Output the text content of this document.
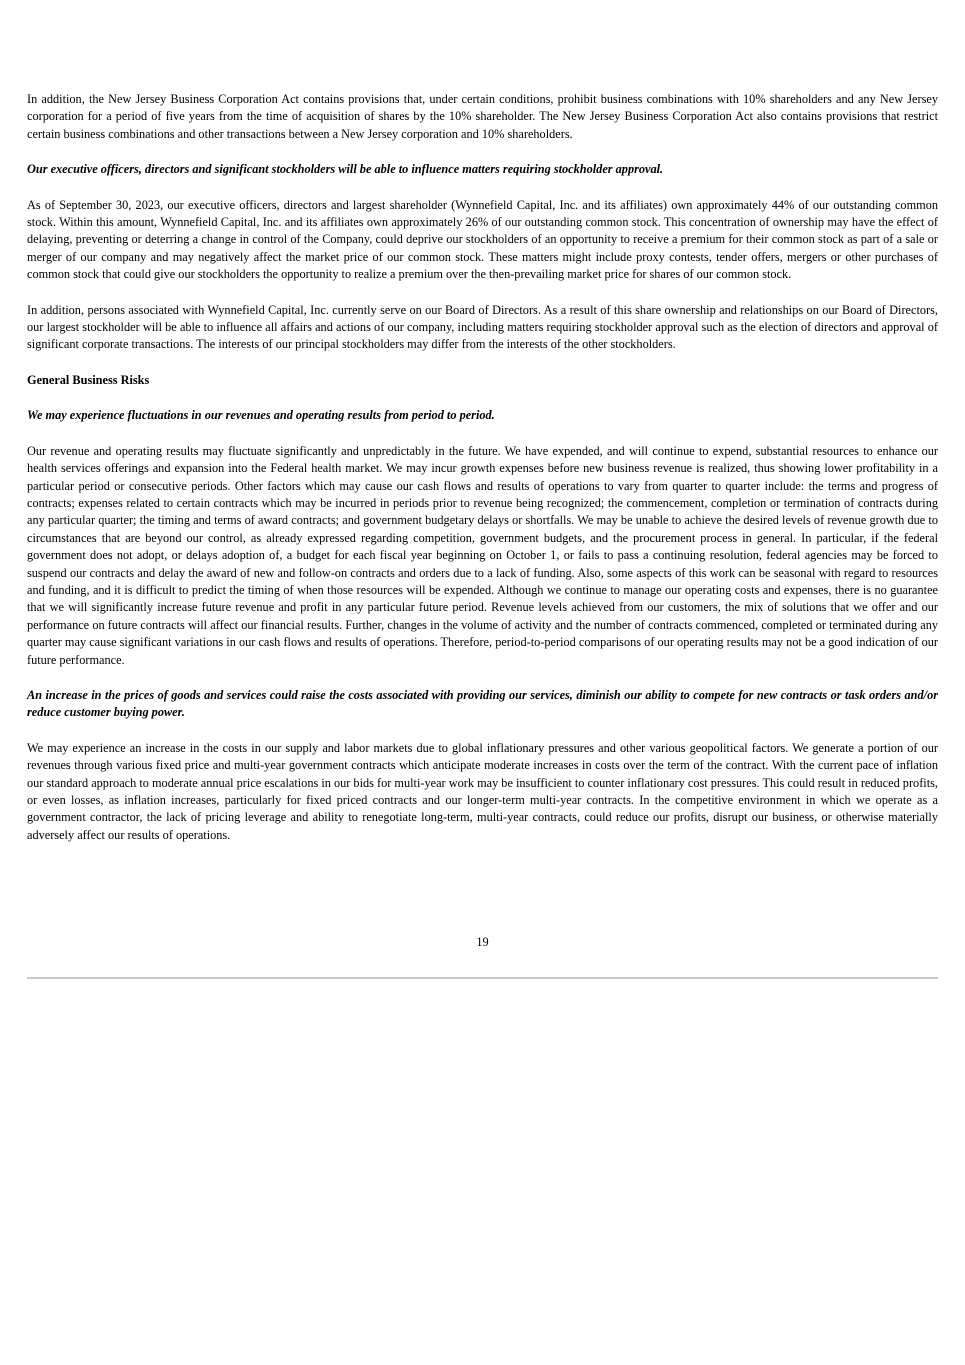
In addition, the New Jersey Business Corporation Act contains provisions that, under certain conditions, prohibit business combinations with 10% shareholders and any New Jersey corporation for a period of five years from the time of acquisition of shares by the 10% shareholder. The New Jersey Business Corporation Act also contains provisions that restrict certain business combinations and other transactions between a New Jersey corporation and 10% shareholders.

Our executive officers, directors and significant stockholders will be able to influence matters requiring stockholder approval.

As of September 30, 2023, our executive officers, directors and largest shareholder (Wynnefield Capital, Inc. and its affiliates) own approximately 44% of our outstanding common stock. Within this amount, Wynnefield Capital, Inc. and its affiliates own approximately 26% of our outstanding common stock. This concentration of ownership may have the effect of delaying, preventing or deterring a change in control of the Company, could deprive our stockholders of an opportunity to receive a premium for their common stock as part of a sale or merger of our company and may negatively affect the market price of our common stock. These matters might include proxy contests, tender offers, mergers or other purchases of common stock that could give our stockholders the opportunity to realize a premium over the then-prevailing market price for shares of our common stock.

In addition, persons associated with Wynnefield Capital, Inc. currently serve on our Board of Directors. As a result of this share ownership and relationships on our Board of Directors, our largest stockholder will be able to influence all affairs and actions of our company, including matters requiring stockholder approval such as the election of directors and approval of significant corporate transactions. The interests of our principal stockholders may differ from the interests of the other stockholders.

General Business Risks

We may experience fluctuations in our revenues and operating results from period to period.

Our revenue and operating results may fluctuate significantly and unpredictably in the future. We have expended, and will continue to expend, substantial resources to enhance our health services offerings and expansion into the Federal health market. We may incur growth expenses before new business revenue is realized, thus showing lower profitability in a particular period or consecutive periods. Other factors which may cause our cash flows and results of operations to vary from quarter to quarter include: the terms and progress of contracts; expenses related to certain contracts which may be incurred in periods prior to revenue being recognized; the commencement, completion or termination of contracts during any particular quarter; the timing and terms of award contracts; and government budgetary delays or shortfalls. We may be unable to achieve the desired levels of revenue growth due to circumstances that are beyond our control, as already expressed regarding competition, government budgets, and the procurement process in general. In particular, if the federal government does not adopt, or delays adoption of, a budget for each fiscal year beginning on October 1, or fails to pass a continuing resolution, federal agencies may be forced to suspend our contracts and delay the award of new and follow-on contracts and orders due to a lack of funding. Also, some aspects of this work can be seasonal with regard to resources and funding, and it is difficult to predict the timing of when those resources will be expended. Although we continue to manage our operating costs and expenses, there is no guarantee that we will significantly increase future revenue and profit in any particular future period. Revenue levels achieved from our customers, the mix of solutions that we offer and our performance on future contracts will affect our financial results. Further, changes in the volume of activity and the number of contracts commenced, completed or terminated during any quarter may cause significant variations in our cash flows and results of operations. Therefore, period-to-period comparisons of our operating results may not be a good indication of our future performance.

An increase in the prices of goods and services could raise the costs associated with providing our services, diminish our ability to compete for new contracts or task orders and/or reduce customer buying power.

We may experience an increase in the costs in our supply and labor markets due to global inflationary pressures and other various geopolitical factors. We generate a portion of our revenues through various fixed price and multi-year government contracts which anticipate moderate increases in costs over the term of the contract. With the current pace of inflation our standard approach to moderate annual price escalations in our bids for multi-year work may be insufficient to counter inflationary cost pressures. This could result in reduced profits, or even losses, as inflation increases, particularly for fixed priced contracts and our longer-term multi-year contracts. In the competitive environment in which we operate as a government contractor, the lack of pricing leverage and ability to renegotiate long-term, multi-year contracts, could reduce our profits, disrupt our business, or otherwise materially adversely affect our results of operations.

19
